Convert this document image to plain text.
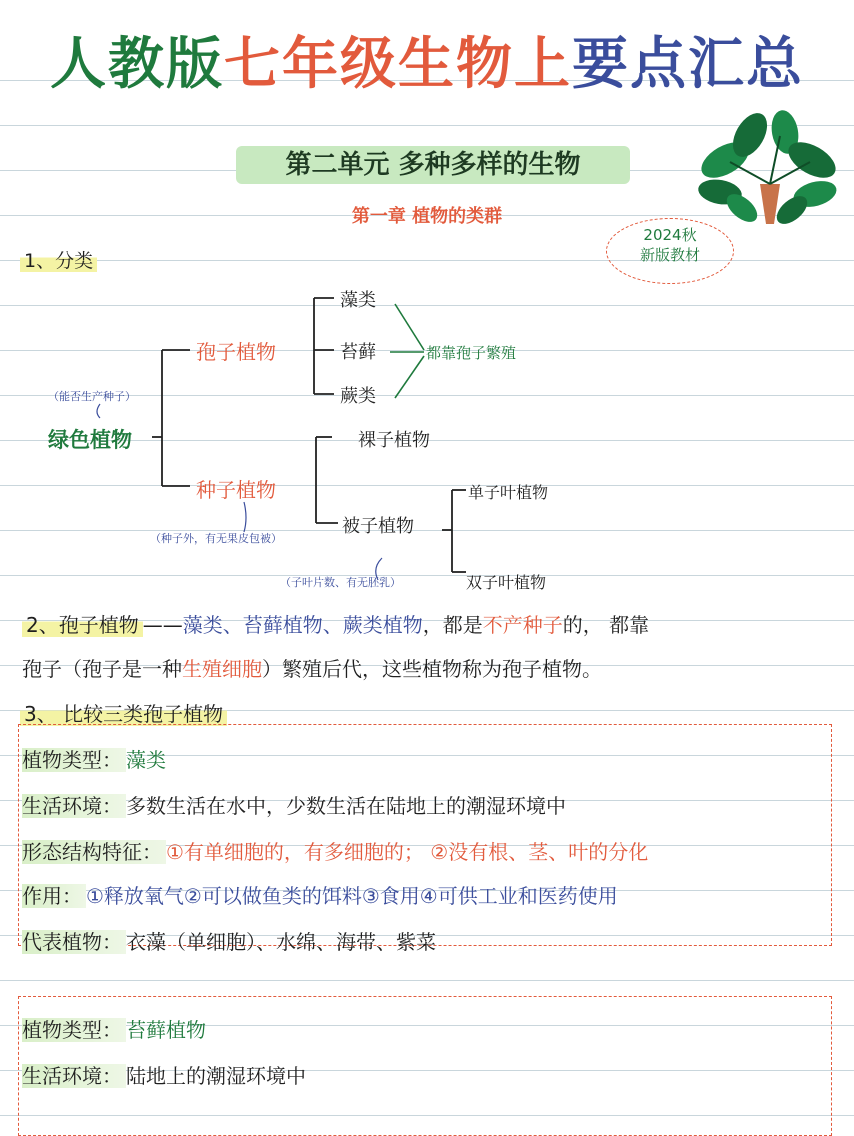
人教版七年级生物上要点汇总
第二单元 多种多样的生物
第一章 植物的类群
2024秋
新版教材
1、分类
（能否生产种子）
绿色植物
孢子植物
藻类
苔藓
蕨类
都靠孢子繁殖
种子植物
（种子外，有无果皮包被）
裸子植物
被子植物
（子叶片数、有无胚乳）
单子叶植物
双子叶植物
2、孢子植物 ——藻类、苔藓植物、蕨类植物，都是不产种子的， 都靠
孢子（孢子是一种生殖细胞）繁殖后代，这些植物称为孢子植物。
3、 比较三类孢子植物
植物类型： 藻类
生活环境： 多数生活在水中，少数生活在陆地上的潮湿环境中
形态结构特征： ①有单细胞的，有多细胞的； ②没有根、茎、叶的分化
作用： ①释放氧气②可以做鱼类的饵料③食用④可供工业和医药使用
代表植物： 衣藻（单细胞）、水绵、海带、紫菜
植物类型： 苔藓植物
生活环境： 陆地上的潮湿环境中
